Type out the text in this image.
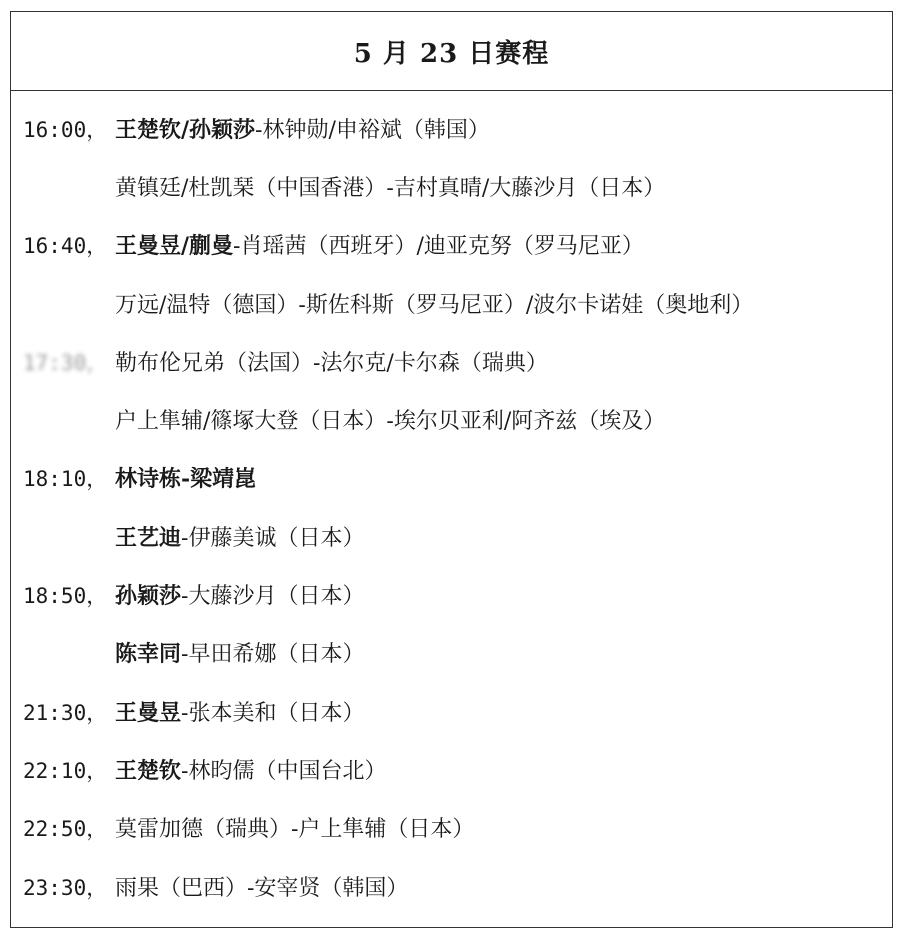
5 月 23 日赛程
16:00， 王楚钦/孙颖莎-林钟勋/申裕斌（韩国）
黄镇廷/杜凯琹（中国香港）-吉村真晴/大藤沙月（日本）
16:40， 王曼昱/蒯曼-肖瑶茜（西班牙）/迪亚克努（罗马尼亚）
万远/温特（德国）-斯佐科斯（罗马尼亚）/波尔卡诺娃（奥地利）
17:30， 勒布伦兄弟（法国）-法尔克/卡尔森（瑞典）
户上隼辅/篠塚大登（日本）-埃尔贝亚利/阿齐兹（埃及）
18:10， 林诗栋-梁靖崑
王艺迪-伊藤美诚（日本）
18:50， 孙颖莎-大藤沙月（日本）
陈幸同-早田希娜（日本）
21:30， 王曼昱-张本美和（日本）
22:10， 王楚钦-林昀儒（中国台北）
22:50， 莫雷加德（瑞典）-户上隼辅（日本）
23:30， 雨果（巴西）-安宰贤（韩国）
